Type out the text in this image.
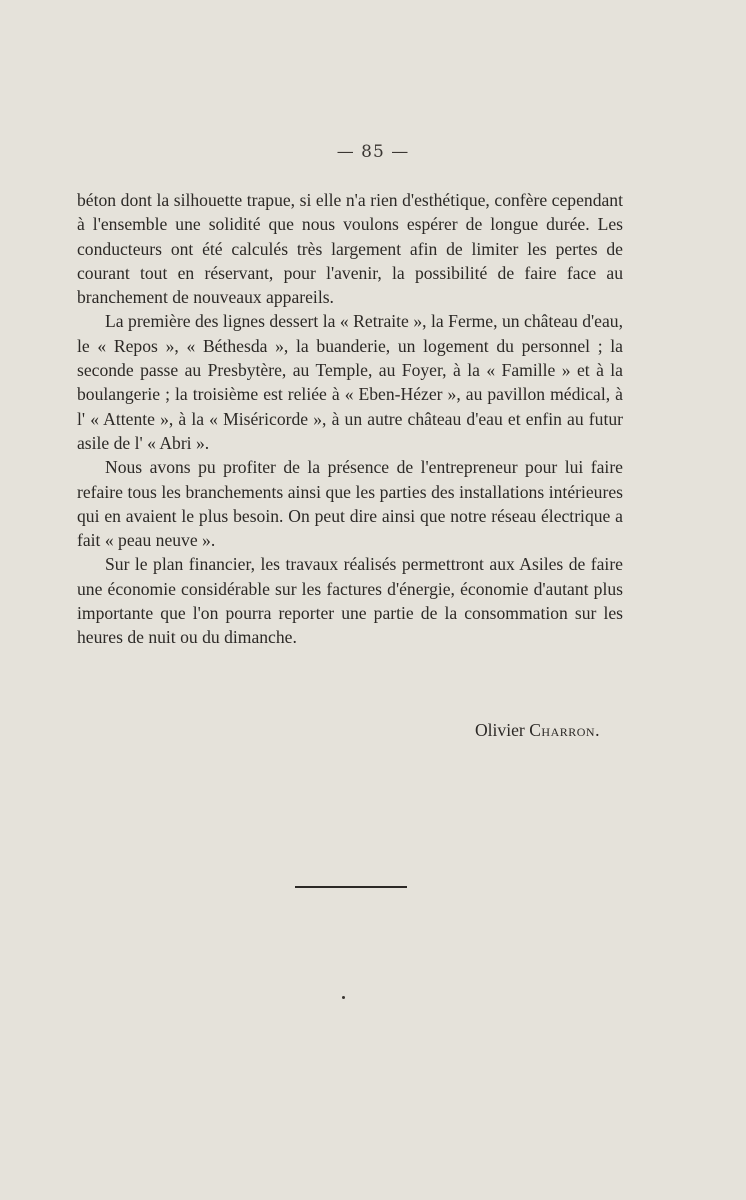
— 85 —

béton dont la silhouette trapue, si elle n'a rien d'esthétique, confère cependant à l'ensemble une solidité que nous voulons espérer de longue durée. Les conducteurs ont été calculés très largement afin de limiter les pertes de courant tout en réservant, pour l'avenir, la possibilité de faire face au branchement de nouveaux appareils.

La première des lignes dessert la « Retraite », la Ferme, un château d'eau, le « Repos », « Béthesda », la buanderie, un logement du personnel ; la seconde passe au Presbytère, au Temple, au Foyer, à la « Famille » et à la boulangerie ; la troisième est reliée à « Eben-Hézer », au pavillon médical, à l' « Attente », à la « Miséricorde », à un autre château d'eau et enfin au futur asile de l' « Abri ».

Nous avons pu profiter de la présence de l'entrepreneur pour lui faire refaire tous les branchements ainsi que les parties des installations intérieures qui en avaient le plus besoin. On peut dire ainsi que notre réseau électrique a fait « peau neuve ».

Sur le plan financier, les travaux réalisés permettront aux Asiles de faire une économie considérable sur les factures d'énergie, économie d'autant plus importante que l'on pourra reporter une partie de la consommation sur les heures de nuit ou du dimanche.

Olivier Charron.
